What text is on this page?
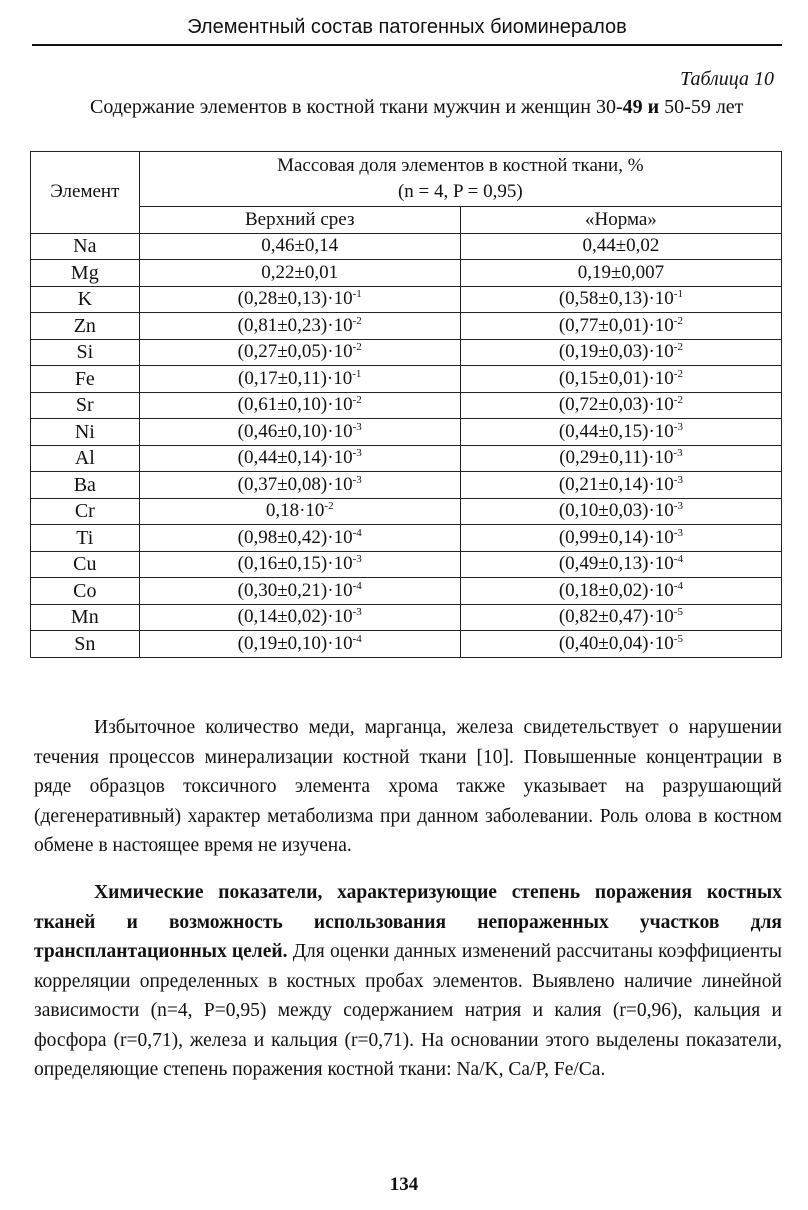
Элементный состав патогенных биоминералов
Таблица 10
Содержание элементов в костной ткани мужчин и женщин 30-49 и 50-59 лет
Элемент	Массовая доля элементов в костной ткани, %
(n = 4, P = 0,95)	

	Верхний срез	«Норма»
Na	0,46±0,14	0,44±0,02
Mg	0,22±0,01	0,19±0,007
K	$(0,28\pm 0,13)\cdot 10^{-1}$	$(0,58\pm 0,13)\cdot 10^{-1}$
Zn	$(0,81\pm 0,23)\cdot 10^{-2}$	$(0,77\pm 0,01)\cdot 10^{-2}$
Si	$(0,27\pm 0,05)\cdot 10^{-2}$	$(0,19\pm 0,03)\cdot 10^{-2}$
Fe	$(0,17\pm 0,11)\cdot 10^{-1}$	$(0,15\pm 0,01)\cdot 10^{-2}$
Sr	$(0,61\pm 0,10)\cdot 10^{-2}$	$(0,72\pm 0,03)\cdot 10^{-2}$
Ni	$(0,46\pm 0,10)\cdot 10^{-3}$	$(0,44\pm 0,15)\cdot 10^{-3}$
Al	$(0,44\pm 0,14)\cdot 10^{-3}$	$(0,29\pm 0,11)\cdot 10^{-3}$
Ba	$(0,37\pm 0,08)\cdot 10^{-3}$	$(0,21\pm 0,14)\cdot 10^{-3}$
Cr	$0,18\cdot 10^{-2}$	$(0,10\pm 0,03)\cdot 10^{-3}$
Ti	$(0,98\pm 0,42)\cdot 10^{-4}$	$(0,99\pm 0,14)\cdot 10^{-3}$
Cu	$(0,16\pm 0,15)\cdot 10^{-3}$	$(0,49\pm 0,13)\cdot 10^{-4}$
Co	$(0,30\pm 0,21)\cdot 10^{-4}$	$(0,18\pm 0,02)\cdot 10^{-4}$
Mn	$(0,14\pm 0,02)\cdot 10^{-3}$	$(0,82\pm 0,47)\cdot 10^{-5}$
Sn	$(0,19\pm 0,10)\cdot 10^{-4}$	$(0,40\pm 0,04)\cdot 10^{-5}$
Избыточное количество меди, марганца, железа свидетельствует о нарушении течения процессов минерализации костной ткани [10]. Повышенные концентрации в ряде образцов токсичного элемента хрома также указывает на разрушающий (дегенеративный) характер метаболизма при данном заболевании. Роль олова в костном обмене в настоящее время не изучена.
Химические показатели, характеризующие степень поражения костных тканей и возможность использования непораженных участков для трансплантационных целей. Для оценки данных изменений рассчитаны коэффициенты корреляции определенных в костных пробах элементов. Выявлено наличие линейной зависимости (n=4, P=0,95) между содержанием натрия и калия (r=0,96), кальция и фосфора (r=0,71), железа и кальция (r=0,71). На основании этого выделены показатели, определяющие степень поражения костной ткани: Na/K, Ca/P, Fe/Ca.
134
